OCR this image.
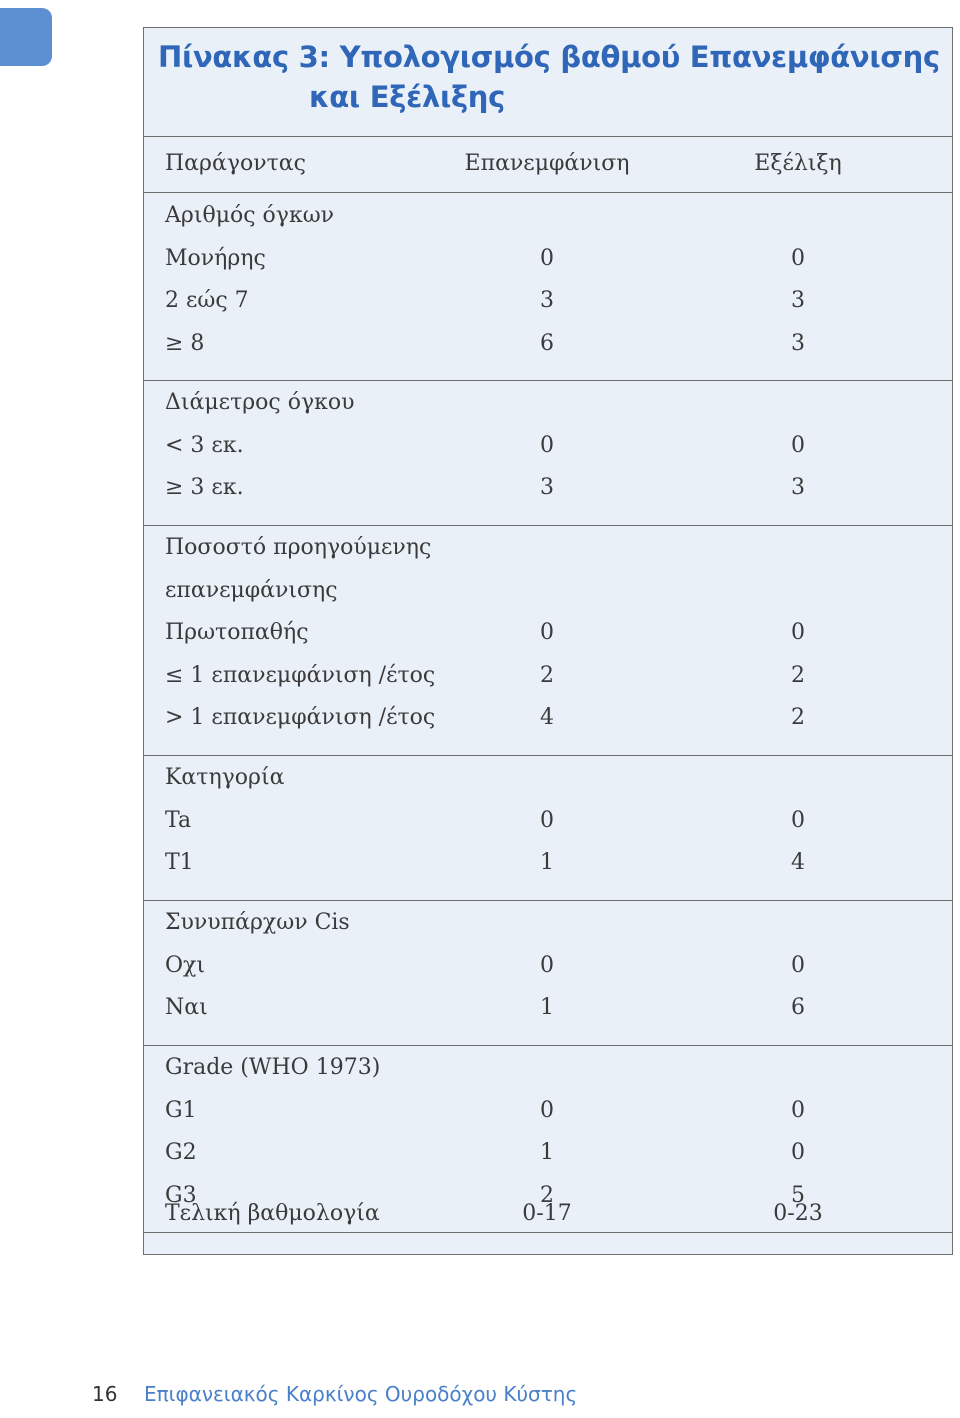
Πίνακας 3: Υπολογισμός βαθμού Επανεμφάνισης
και Εξέλιξης
Παράγοντας	Επανεμφάνιση	Εξέλιξη
Αριθμός όγκων
Μονήρης	0	0
2 εώς 7	3	3
≥ 8	6	3
Διάμετρος όγκου
< 3 εκ.	0	0
≥ 3 εκ.	3	3
Ποσοστό προηγούμενης
επανεμφάνισης
Πρωτοπαθής	0	0
≤ 1 επανεμφάνιση /έτος	2	2
> 1 επανεμφάνιση /έτος	4	2
Κατηγορία
Ta	0	0
T1	1	4
Συνυπάρχων Cis
Οχι	0	0
Ναι	1	6
Grade (WHO 1973)
G1	0	0
G2	1	0
G3	2	5
Τελική βαθμολογία	0-17	0-23
16 Επιφανειακός Καρκίνος Ουροδόχου Κύστης
